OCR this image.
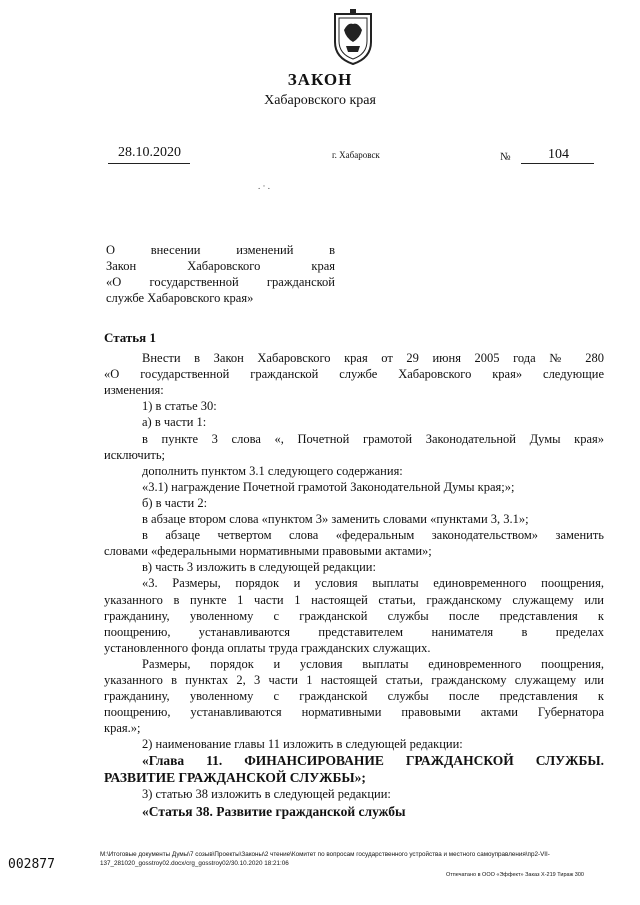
ЗАКОН
Хабаровского края
28.10.2020	г. Хабаровск	№	104
. · .
О	внесении	изменений	в
Закон	Хабаровского	края
«О государственной гражданской
службе Хабаровского края»

Статья 1

Внести в Закон Хабаровского края от 29 июня 2005 года № 280

«О государственной гражданской службе Хабаровского края» следующие

изменения:

1) в статье 30:

а) в части 1:

в пункте 3 слова «, Почетной грамотой Законодательной Думы края»

исключить;

дополнить пунктом 3.1 следующего содержания:

«3.1) награждение Почетной грамотой Законодательной Думы края;»;

б) в части 2:

в абзаце втором слова «пунктом 3» заменить словами «пунктами 3, 3.1»;

в абзаце четвертом слова «федеральным законодательством» заменить

словами «федеральными нормативными правовыми актами»;

в) часть 3 изложить в следующей редакции:

«3. Размеры, порядок и условия выплаты единовременного поощрения,

указанного в пункте 1 части 1 настоящей статьи, гражданскому служащему или

гражданину, уволенному с гражданской службы после представления к

поощрению, устанавливаются представителем нанимателя в пределах

установленного фонда оплаты труда гражданских служащих.

Размеры, порядок и условия выплаты единовременного поощрения,

указанного в пунктах 2, 3 части 1 настоящей статьи, гражданскому служащему или

гражданину, уволенному с гражданской службы после представления к

поощрению, устанавливаются нормативными правовыми актами Губернатора

края.»;

2) наименование главы 11 изложить в следующей редакции:

«Глава 11. ФИНАНСИРОВАНИЕ ГРАЖДАНСКОЙ СЛУЖБЫ.

РАЗВИТИЕ ГРАЖДАНСКОЙ СЛУЖБЫ»;

3) статью 38 изложить в следующей редакции:

«Статья 38. Развитие гражданской службы

002877
M:\Итоговые документы Думы\7 созыв\Проекты\Законы\2 чтение\Комитет по вопросам государственного устройства и местного самоуправления\пр2-VII-137_281020_gosstroy02.docx/crg_gosstroy02/30.10.2020 18:21:06
Отпечатано в ООО «Эффект» Заказ Х-219 Тираж 300
